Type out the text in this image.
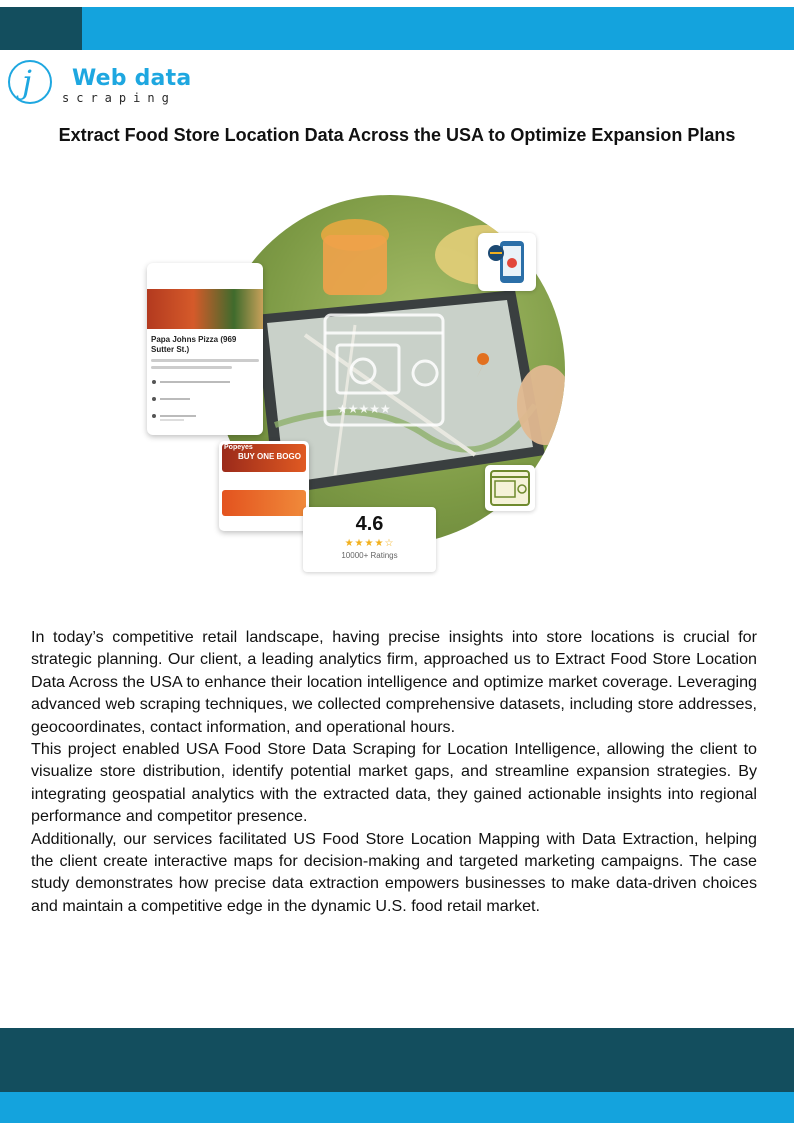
j Web data
scraping
Extract Food Store Location Data Across the USA to Optimize Expansion Plans
★★★★★
Papa Johns Pizza (969 Sutter St.)
Popeyes
BUY ONE BOGO
4.6
★★★★☆
10000+ Ratings

In today’s competitive retail landscape, having precise insights into store locations is crucial for strategic planning. Our client, a leading analytics firm, approached us to Extract Food Store Location Data Across the USA to enhance their location intelligence and optimize market coverage. Leveraging advanced web scraping techniques, we collected comprehensive datasets, including store addresses, geocoordinates, contact information, and operational hours.

This project enabled USA Food Store Data Scraping for Location Intelligence, allowing the client to visualize store distribution, identify potential market gaps, and streamline expansion strategies. By integrating geospatial analytics with the extracted data, they gained actionable insights into regional performance and competitor presence.

Additionally, our services facilitated US Food Store Location Mapping with Data Extraction, helping the client create interactive maps for decision-making and targeted marketing campaigns. The case study demonstrates how precise data extraction empowers businesses to make data-driven choices and maintain a competitive edge in the dynamic U.S. food retail market.
